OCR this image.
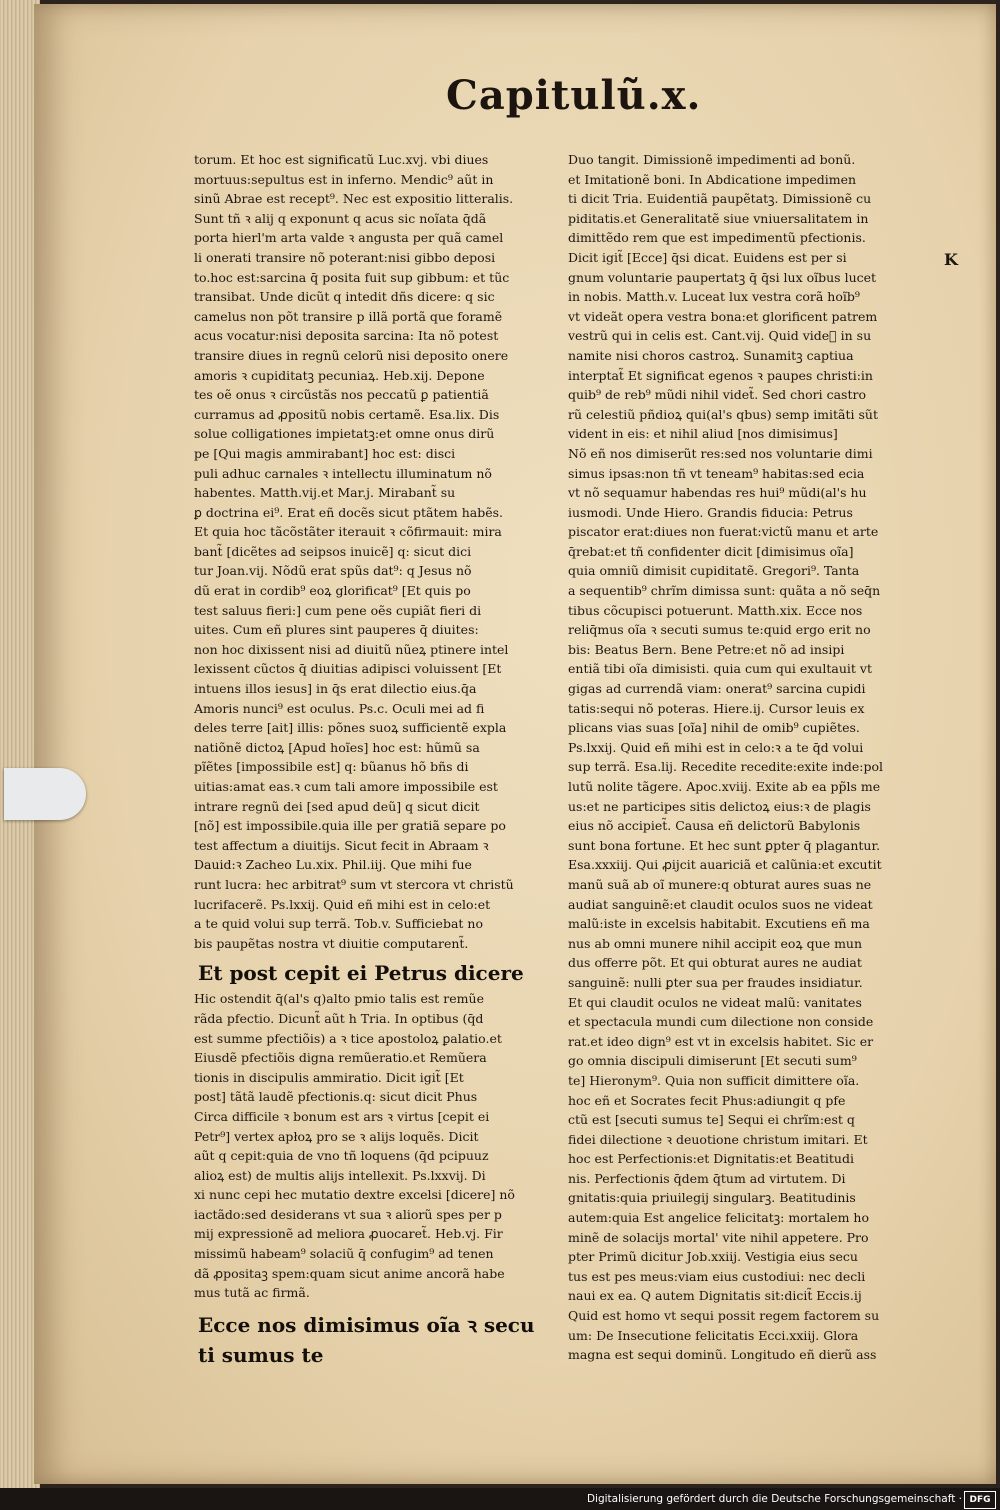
Capitulũ.x.
K

torum. Et hoc est significatũ Luc.xvj. vbi diues

mortuus:sepultus est in inferno. Mendic⁹ aũt in

sinũ Abrae est recept⁹. Nec est expositio litteralis.

Sunt tñ ꝛ alij q exponunt q acus sic noĩata q̄dã

porta hierl'm arta valde ꝛ angusta per quã camel

li onerati transire nõ poterant:nisi gibbo deposi

to.hoc est:sarcina q̄ posita fuit sup gibbum: et tũc

transibat. Unde dicũt q intedit dñs dicere: q sic

camelus non põt transire p illã portã que foramẽ

acus vocatur:nisi deposita sarcina: Ita nõ potest

transire diues in regnũ celorũ nisi deposito onere

amoris ꝛ cupiditatꝫ pecuniaꝝ. Heb.xij. Depone

tes oẽ onus ꝛ circũstãs nos peccatũ ꝑ patientiã

curramus ad ꝓpositũ nobis certamẽ. Esa.lix. Dis

solue colligationes impietatꝫ:et omne onus dirũ

pe [Qui magis ammirabant] hoc est: disci

puli adhuc carnales ꝛ intellectu illuminatum nõ

habentes. Matth.vij.et Mar.j. Mirabant̃ su

ꝑ doctrina ei⁹. Erat eñ docẽs sicut ptãtem habẽs.

Et quia hoc tãcõstãter iterauit ꝛ cõfirmauit: mira

bant̃ [dicẽtes ad seipsos inuicẽ] q: sicut dici

tur Joan.vij. Nõdũ erat spũs dat⁹: q Jesus nõ

dũ erat in cordib⁹ eoꝝ glorificat⁹ [Et quis po

test saluus fieri:] cum pene oẽs cupiãt fieri di

uites. Cum eñ plures sint pauperes q̄ diuites:

non hoc dixissent nisi ad diuitũ nũeꝝ ptinere intel

lexissent cũctos q̄ diuitias adipisci voluissent [Et

intuens illos iesus] in q̄s erat dilectio eius.q̄a

Amoris nunci⁹ est oculus. Ps.c. Oculi mei ad fi

deles terre [ait] illis: põnes suoꝝ sufficientẽ expla

natiõnẽ dictoꝝ [Apud hoĩes] hoc est: hũmũ sa

pĩẽtes [impossibile est] q: bũanus hõ bñs di

uitias:amat eas.ꝛ cum tali amore impossibile est

intrare regnũ dei [sed apud deũ] q sicut dicit

[nõ] est impossibile.quia ille per gratiã separe po

test affectum a diuitijs. Sicut fecit in Abraam ꝛ

Dauid:ꝛ Zacheo Lu.xix. Phil.iij. Que mihi fue

runt lucra: hec arbitrat⁹ sum vt stercora vt christũ

lucrifacerẽ. Ps.lxxij. Quid eñ mihi est in celo:et

a te quid volui sup terrã. Tob.v. Sufficiebat no

bis paupẽtas nostra vt diuitie computarent̃.

Et post cepit ei Petrus dicere

Hic ostendit q̄(al's q)alto pmio talis est remũe

rãda pfectio. Dicunt̃ aũt h Tria. In optibus (q̄d

est summe pfectiõis) a ꝛ tice apostoloꝝ ꝑalatio.et

Eiusdẽ pfectiõis digna remũeratio.et Remũera

tionis in discipulis ammiratio. Dicit igit̃ [Et

post] tãtã laudẽ pfectionis.q: sicut dicit Phus

Circa difficile ꝛ bonum est ars ꝛ virtus [cepit ei

Petr⁹] vertex apłoꝝ pro se ꝛ alijs loquẽs. Dicit

aũt q cepit:quia de vno tñ loquens (q̄d pcipuuz

alioꝝ est) de multis alijs intellexit. Ps.lxxvij. Di

xi nunc cepi hec mutatio dextre excelsi [dicere] nõ

iactãdo:sed desiderans vt sua ꝛ aliorũ spes per p

mij expressionẽ ad meliora ꝓuocaret̃. Heb.vj. Fir

missimũ habeam⁹ solaciũ q̄ confugim⁹ ad tenen

dã ꝓpositaꝫ spem:quam sicut anime ancorã habe

mus tutã ac firmã.

Ecce nos dimisimus oĩa ꝛ secu
ti sumus te

Duo tangit. Dimissionẽ impedimenti ad bonũ.

et Imitationẽ boni. In Abdicatione impedimen

ti dicit Tria. Euidentiã paupẽtatꝫ. Dimissionẽ cu

piditatis.et Generalitatẽ siue vniuersalitatem in

dimittẽdo rem que est impedimentũ pfectionis.

Dicit igit̃ [Ecce] q̄si dicat. Euidens est per si

gnum voluntarie paupertatꝫ q̄ q̄si lux oĩbus lucet

in nobis. Matth.v. Luceat lux vestra corã hoĩb⁹

vt videãt opera vestra bona:et glorificent patrem

vestrũ qui in celis est. Cant.vij. Quid videᷤ in su

namite nisi choros castroꝝ. Sunamitꝫ captiua

interptat̃ Et significat egenos ꝛ paupes christi:in

quib⁹ de reb⁹ mũdi nihil videt̃. Sed chori castro

rũ celestiũ pñdioꝝ qui(al's qbus) semp imitãti sũt

vident in eis: et nihil aliud [nos dimisimus]

Nõ eñ nos dimiserũt res:sed nos voluntarie dimi

simus ipsas:non tñ vt teneam⁹ habitas:sed ecia

vt nõ sequamur habendas res hui⁹ mũdi(al's hu

iusmodi. Unde Hiero. Grandis fiducia: Petrus

piscator erat:diues non fuerat:victũ manu et arte

q̄rebat:et tñ confidenter dicit [dimisimus oĩa]

quia omniũ dimisit cupiditatẽ. Gregori⁹. Tanta

a sequentib⁹ chrĩm dimissa sunt: quãta a nõ seq̄n

tibus cõcupisci potuerunt. Matth.xix. Ecce nos

reliq̄mus oĩa ꝛ secuti sumus te:quid ergo erit no

bis: Beatus Bern. Bene Petre:et nõ ad insipi

entiã tibi oĩa dimisisti. quia cum qui exultauit vt

gigas ad currendã viam: onerat⁹ sarcina cupidi

tatis:sequi nõ poteras. Hiere.ij. Cursor leuis ex

plicans vias suas [oĩa] nihil de omib⁹ cupiẽtes.

Ps.lxxij. Quid eñ mihi est in celo:ꝛ a te q̄d volui

sup terrã. Esa.lij. Recedite recedite:exite inde:pol

lutũ nolite tãgere. Apoc.xviij. Exite ab ea pp̃ls me

us:et ne participes sitis delictoꝝ eius:ꝛ de plagis

eius nõ accipiet̃. Causa eñ delictorũ Babylonis

sunt bona fortune. Et hec sunt ꝑpter q̄ plagantur.

Esa.xxxiij. Qui ꝓijcit auariciã et calũnia:et excutit

manũ suã ab oĩ munere:q obturat aures suas ne

audiat sanguinẽ:et claudit oculos suos ne videat

malũ:iste in excelsis habitabit. Excutiens eñ ma

nus ab omni munere nihil accipit eoꝝ que mun

dus offerre põt. Et qui obturat aures ne audiat

sanguinẽ: nulli ꝑter sua per fraudes insidiatur.

Et qui claudit oculos ne videat malũ: vanitates

et spectacula mundi cum dilectione non conside

rat.et ideo dign⁹ est vt in excelsis habitet. Sic er

go omnia discipuli dimiserunt [Et secuti sum⁹

te] Hieronym⁹. Quia non sufficit dimittere oĩa.

hoc eñ et Socrates fecit Phus:adiungit q pfe

ctũ est [secuti sumus te] Sequi ei chrĩm:est q

fidei dilectione ꝛ deuotione christum imitari. Et

hoc est Perfectionis:et Dignitatis:et Beatitudi

nis. Perfectionis q̄dem q̄tum ad virtutem. Di

gnitatis:quia priuilegij singularꝫ. Beatitudinis

autem:quia Est angelice felicitatꝫ: mortalem ho

minẽ de solacijs mortal' vite nihil appetere. Pro

pter Primũ dicitur Job.xxiij. Vestigia eius secu

tus est pes meus:viam eius custodiui: nec decli

naui ex ea. Q autem Dignitatis sit:dicit̃ Eccis.ij

Quid est homo vt sequi possit regem factorem su

um: De Insecutione felicitatis Ecci.xxiij. Glora

magna est sequi dominũ. Longitudo eñ dierũ ass

Digitalisierung gefördert durch die Deutsche Forschungsgemeinschaft · DFG
